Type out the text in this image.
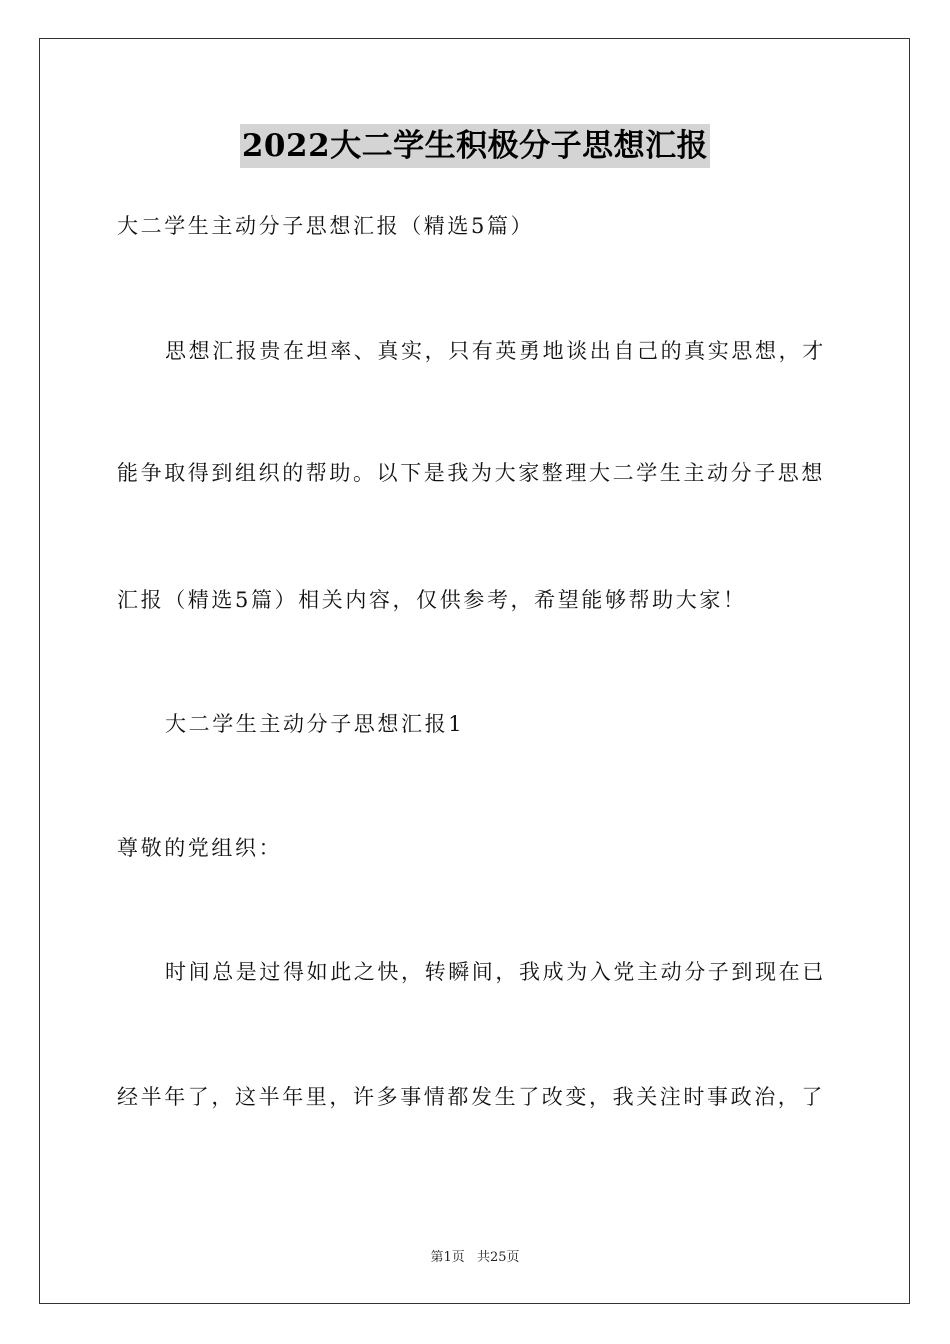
2022大二学生积极分子思想汇报
大二学生主动分子思想汇报（精选5篇）
思想汇报贵在坦率、真实，只有英勇地谈出自己的真实思想，才
能争取得到组织的帮助。以下是我为大家整理大二学生主动分子思想
汇报（精选5篇）相关内容，仅供参考，希望能够帮助大家！
大二学生主动分子思想汇报1
尊敬的党组织：
时间总是过得如此之快，转瞬间，我成为入党主动分子到现在已
经半年了，这半年里，许多事情都发生了改变，我关注时事政治，了
第1页 共25页
